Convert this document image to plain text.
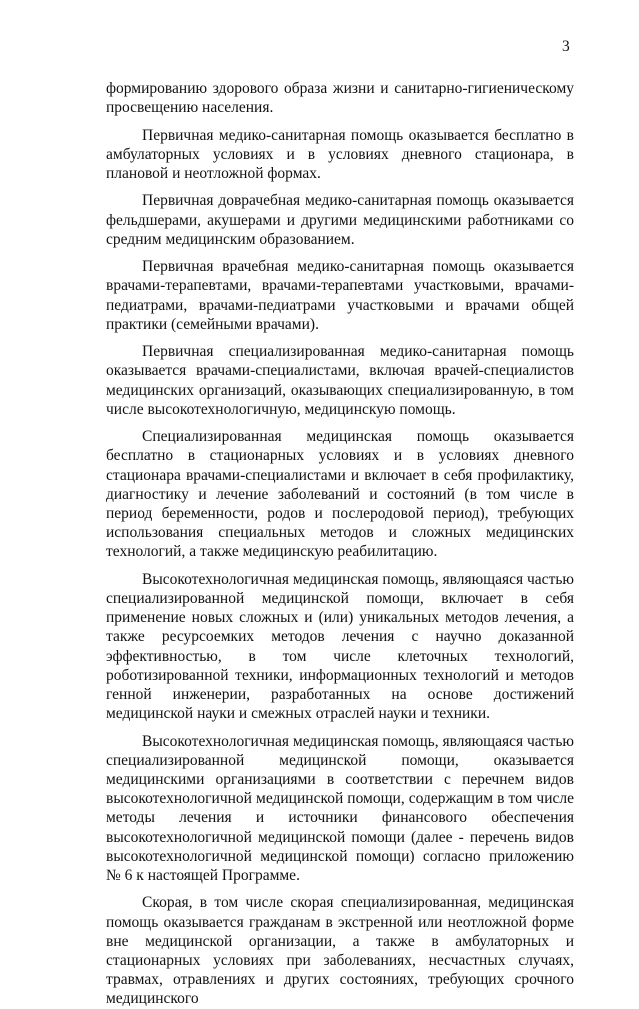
3

формированию здорового образа жизни и санитарно-гигиеническому просвещению населения.

Первичная медико-санитарная помощь оказывается бесплатно в амбулаторных условиях и в условиях дневного стационара, в плановой и неотложной формах.

Первичная доврачебная медико-санитарная помощь оказывается фельдшерами, акушерами и другими медицинскими работниками со средним медицинским образованием.

Первичная врачебная медико-санитарная помощь оказывается врачами-терапевтами, врачами-терапевтами участковыми, врачами-педиатрами, врачами-педиатрами участковыми и врачами общей практики (семейными врачами).

Первичная специализированная медико-санитарная помощь оказывается врачами-специалистами, включая врачей-специалистов медицинских организаций, оказывающих специализированную, в том числе высокотехнологичную, медицинскую помощь.

Специализированная медицинская помощь оказывается бесплатно в стационарных условиях и в условиях дневного стационара врачами-специалистами и включает в себя профилактику, диагностику и лечение заболеваний и состояний (в том числе в период беременности, родов и послеродовой период), требующих использования специальных методов и сложных медицинских технологий, а также медицинскую реабилитацию.

Высокотехнологичная медицинская помощь, являющаяся частью специализированной медицинской помощи, включает в себя применение новых сложных и (или) уникальных методов лечения, а также ресурсоемких методов лечения с научно доказанной эффективностью, в том числе клеточных технологий, роботизированной техники, информационных технологий и методов генной инженерии, разработанных на основе достижений медицинской науки и смежных отраслей науки и техники.

Высокотехнологичная медицинская помощь, являющаяся частью специализированной медицинской помощи, оказывается медицинскими организациями в соответствии с перечнем видов высокотехнологичной медицинской помощи, содержащим в том числе методы лечения и источники финансового обеспечения высокотехнологичной медицинской помощи (далее - перечень видов высокотехнологичной медицинской помощи) согласно приложению № 6 к настоящей Программе.

Скорая, в том числе скорая специализированная, медицинская помощь оказывается гражданам в экстренной или неотложной форме вне медицинской организации, а также в амбулаторных и стационарных условиях при заболеваниях, несчастных случаях, травмах, отравлениях и других состояниях, требующих срочного медицинского
